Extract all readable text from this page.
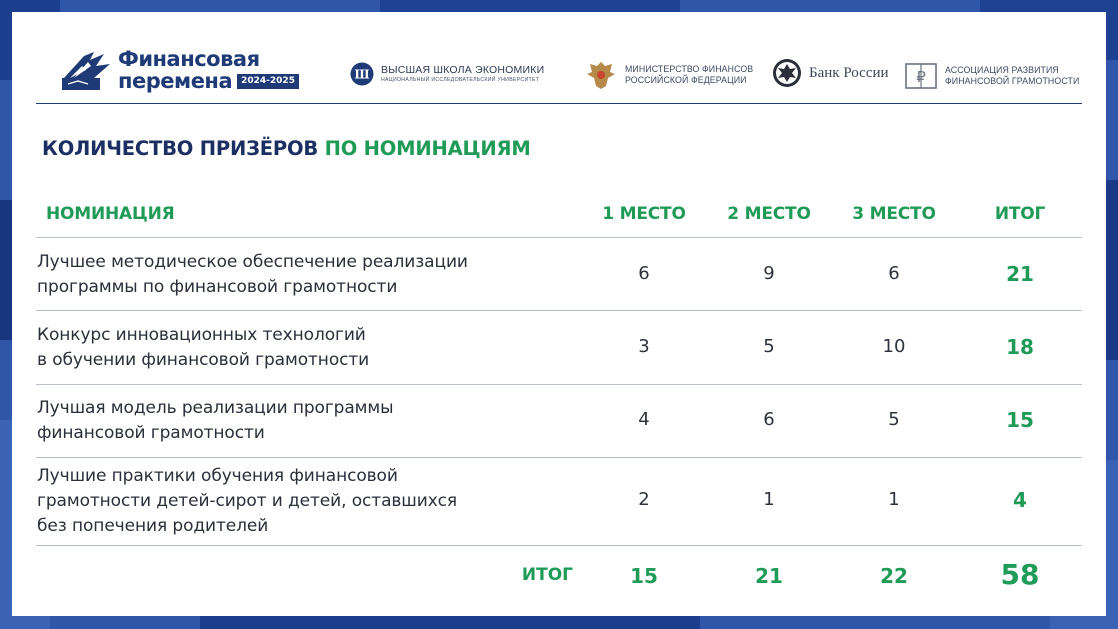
Финансовая
перемена	2024-2025	Ш ВЫСШАЯ ШКОЛА ЭКОНОМИКИ
НАЦИОНАЛЬНЫЙ ИССЛЕДОВАТЕЛЬСКИЙ УНИВЕРСИТЕТ
МИНИСТЕРСТВО ФИНАНСОВ
РОССИЙСКОЙ ФЕДЕРАЦИИ	Банк России ₽ АССОЦИАЦИЯ РАЗВИТИЯ
ФИНАНСОВОЙ ГРАМОТНОСТИ
КОЛИЧЕСТВО ПРИЗЁРОВ ПО НОМИНАЦИЯМ
НОМИНАЦИЯ	1 МЕСТО	2 МЕСТО	3 МЕСТО	ИТОГ
Лучшее методическое обеспечение реализации
программы по финансовой грамотности
6	9	6	21
Конкурс инновационных технологий
в обучении финансовой грамотности
3	5	10	18
Лучшая модель реализации программы
финансовой грамотности
4	6	5	15
Лучшие практики обучения финансовой
грамотности детей-сирот и детей, оставшихся
без попечения родителей
2	1	1	4
ИТОГ	15	21	22	58
